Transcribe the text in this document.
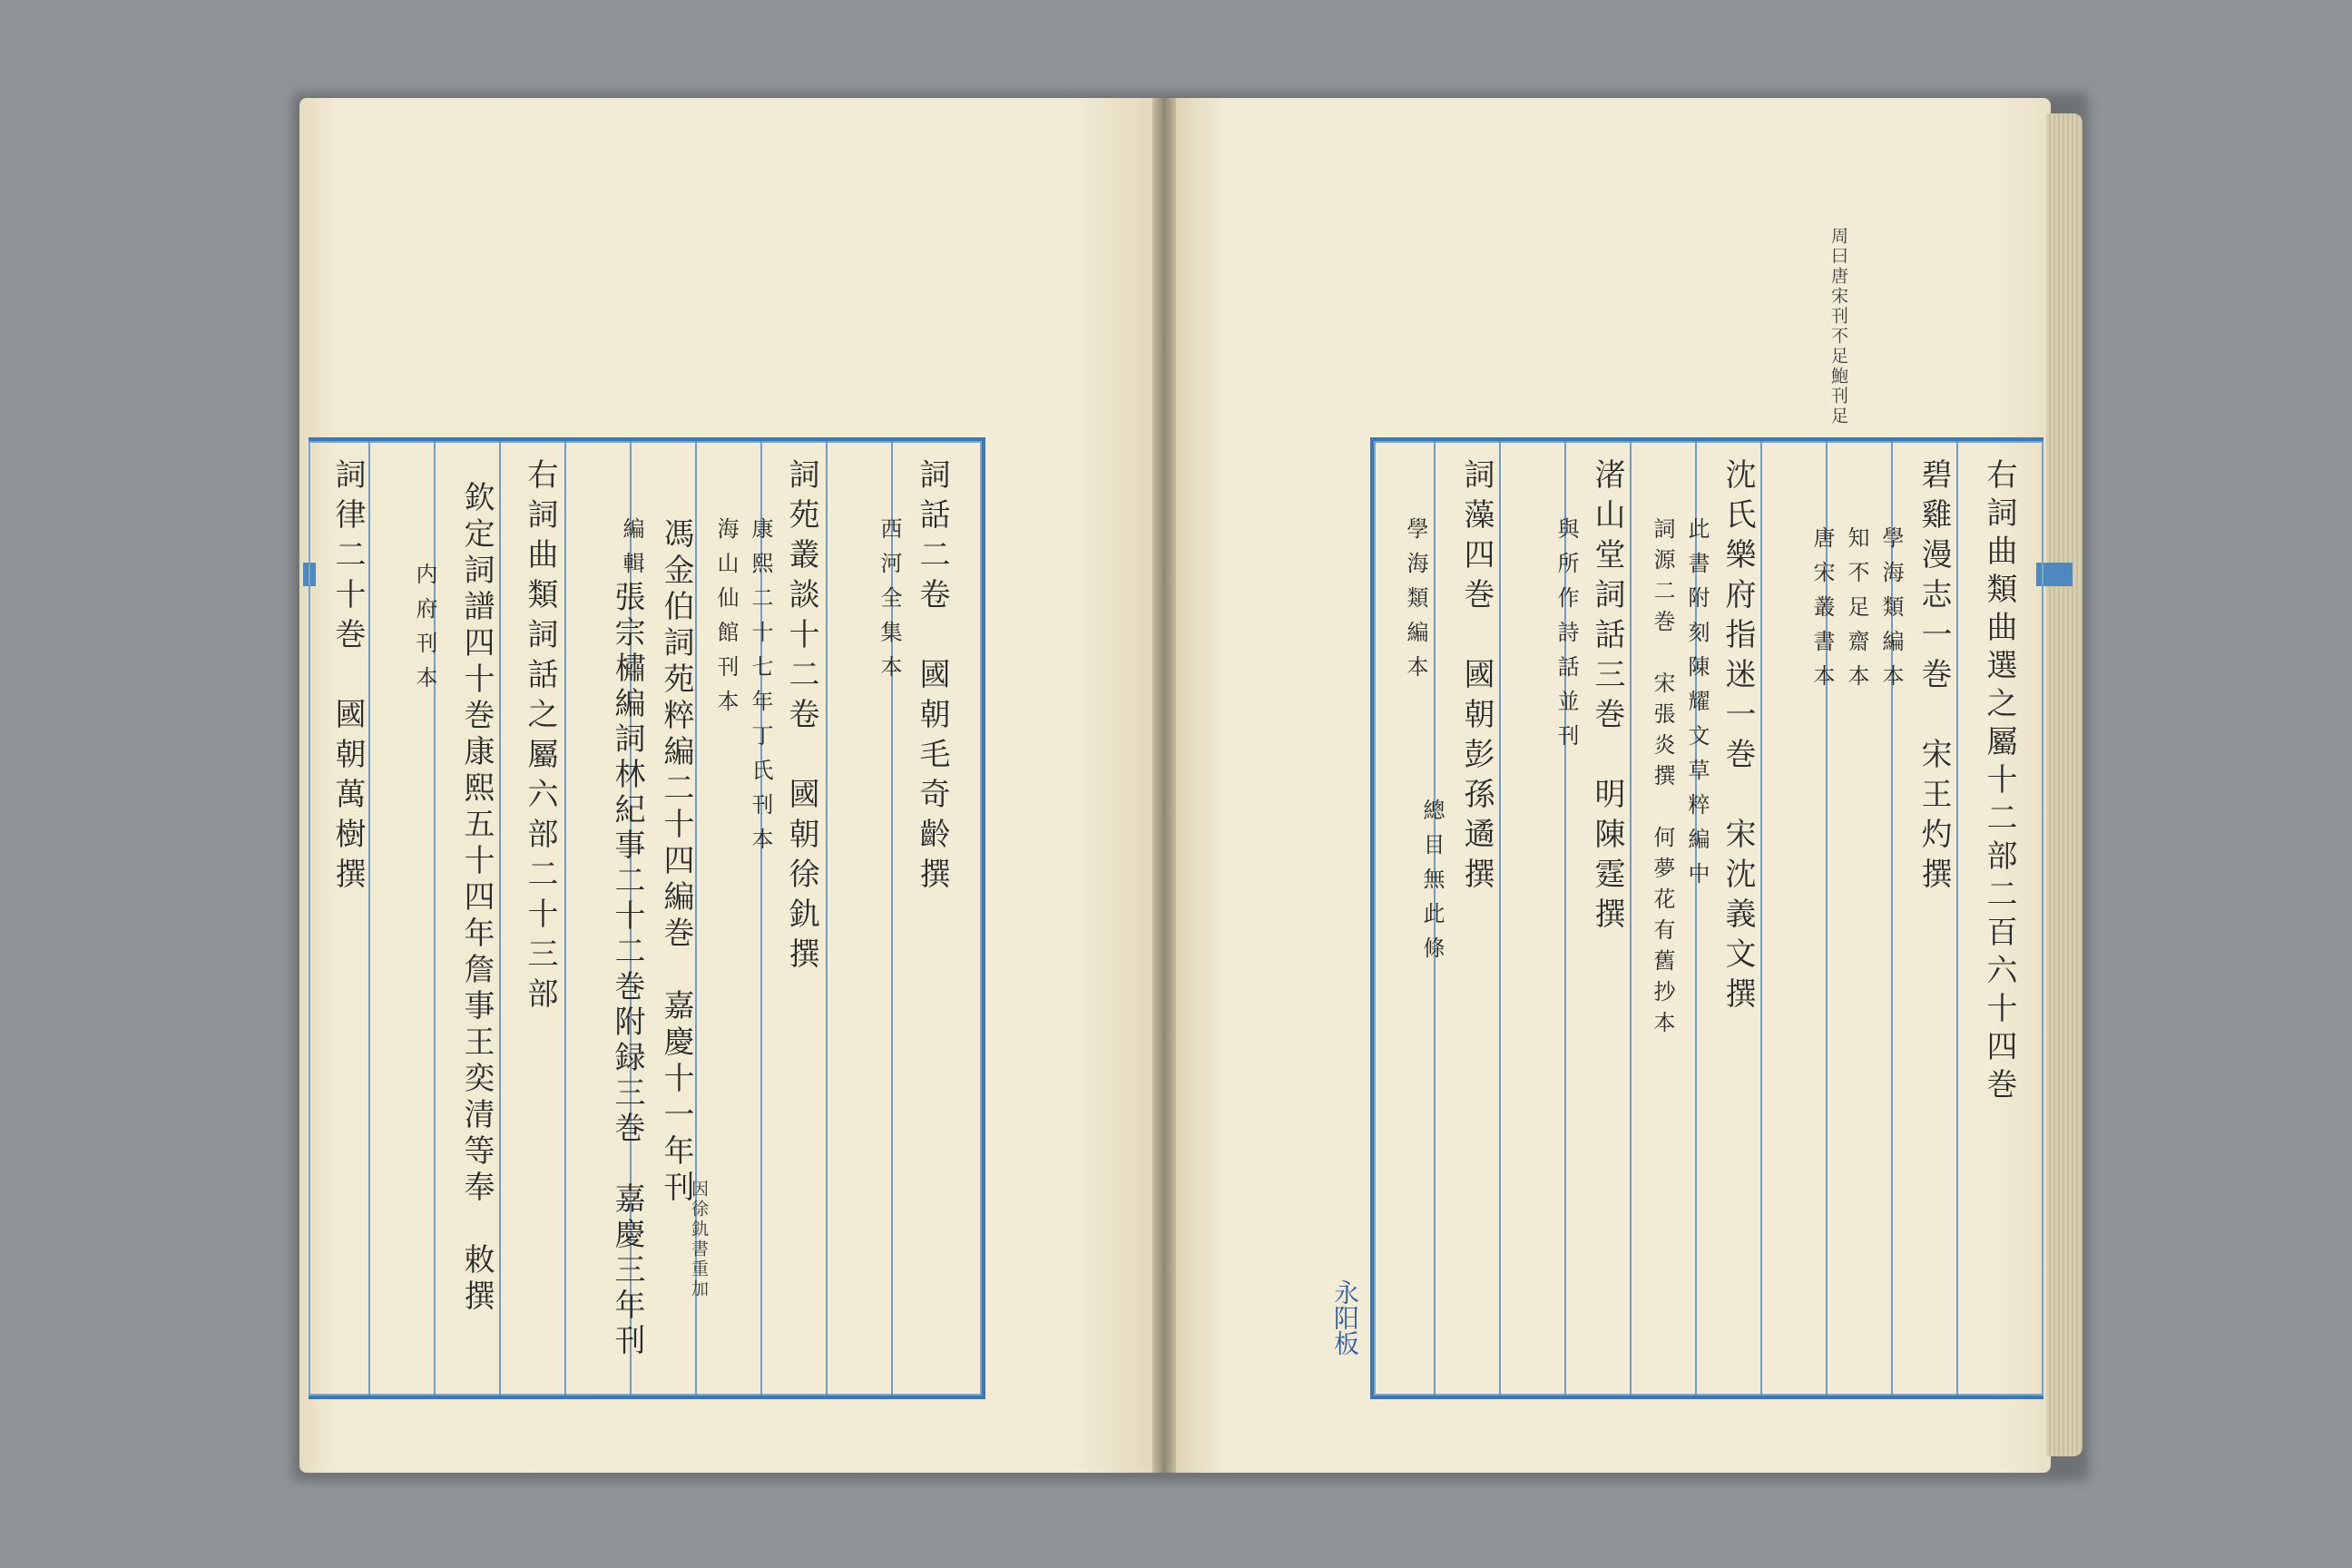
詞話二卷　國朝毛奇齡撰
西河全集本
詞苑叢談十二卷　國朝徐釚撰
康熙二十七年丁氏刊本
海山仙館刊本
馮金伯詞苑粹編二十四編巻　嘉慶十一年刊
編輯
張宗橚編詞林紀事二十二巻附録三巻　嘉慶三年刊
右詞曲類詞話之屬六部二十三部
欽定詞譜四十巻康熙五十四年詹事王奕清等奉　敕撰
内府刊本
詞律二十巻　國朝萬樹撰
因徐釚書重加
周曰唐宋刊不足鮑刊足
右詞曲類曲選之屬十二部二百六十四巻
碧雞漫志一巻　宋王灼撰
學海類編本
知不足齋本
唐宋叢書本
沈氏樂府指迷一巻　宋沈義文撰
此書附刻陳耀文草粹編中
詞源二巻　宋張炎撰　何夢花有舊抄本
渚山堂詞話三巻　明陳霆撰
與所作詩話並刊
詞藻四巻　國朝彭孫遹撰
總目無此條
學海類編本
永阳板
